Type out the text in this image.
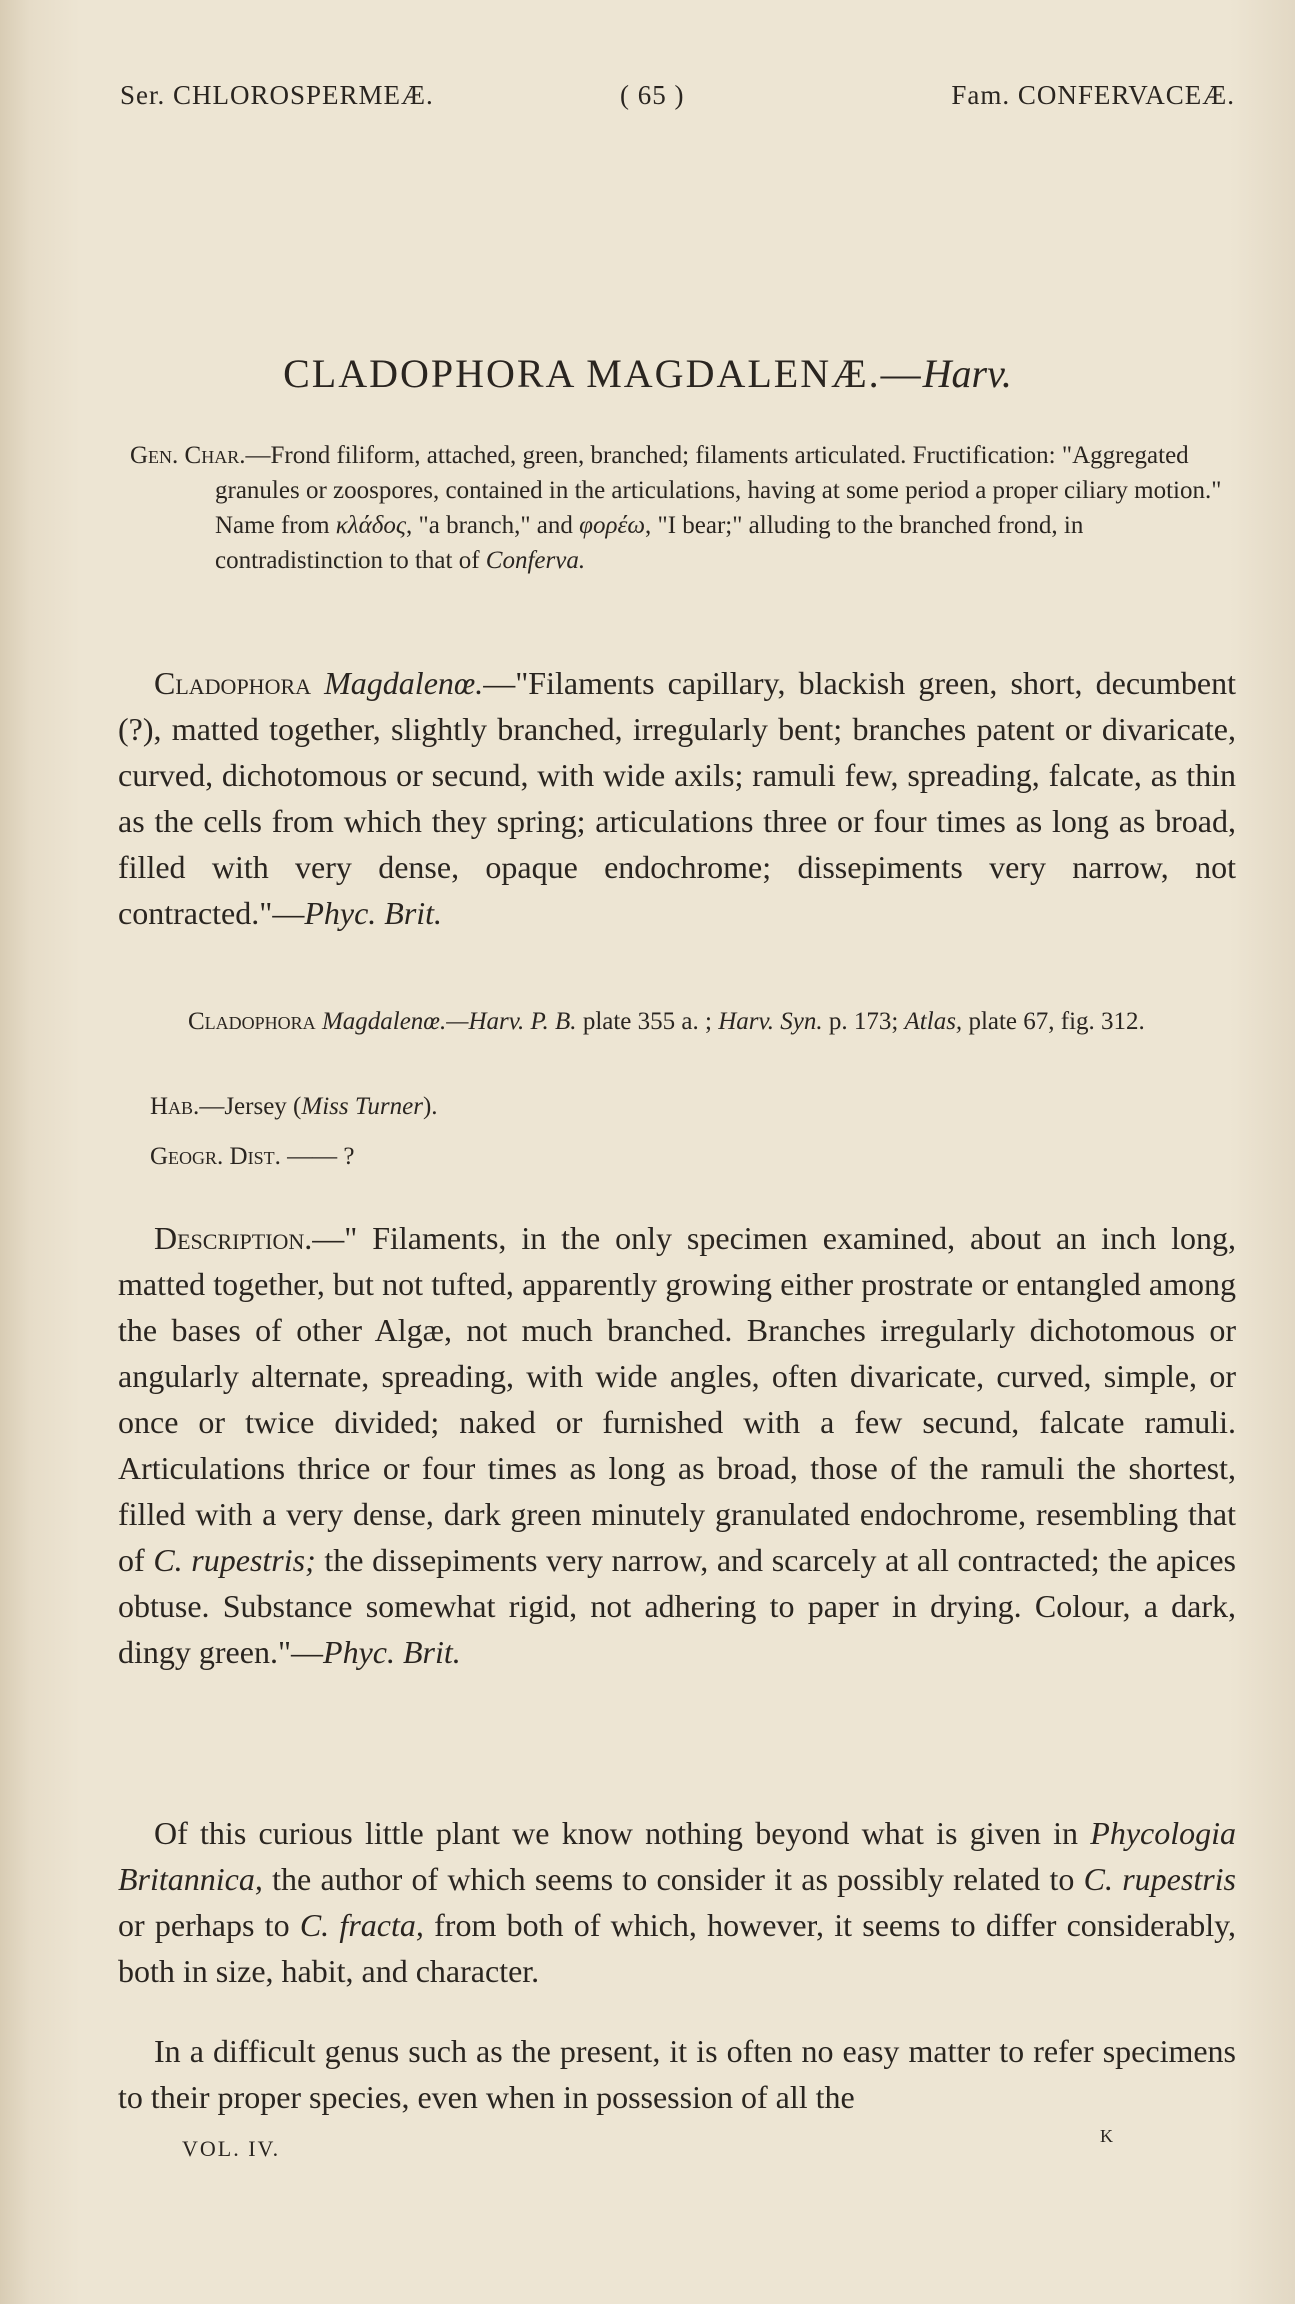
Ser. CHLOROSPERMEÆ.	( 65 )	Fam. CONFERVACEÆ.
CLADOPHORA MAGDALENÆ.—Harv.
Gen. Char.—Frond filiform, attached, green, branched; filaments articulated. Fructification: "Aggregated granules or zoospores, contained in the articulations, having at some period a proper ciliary motion." Name from κλάδος, "a branch," and φορέω, "I bear;" alluding to the branched frond, in contradistinction to that of Conferva.
Cladophora Magdalenœ.—"Filaments capillary, blackish green, short, decumbent (?), matted together, slightly branched, irregularly bent; branches patent or divaricate, curved, dichotomous or secund, with wide axils; ramuli few, spreading, falcate, as thin as the cells from which they spring; articulations three or four times as long as broad, filled with very dense, opaque endochrome; dissepiments very narrow, not contracted."—Phyc. Brit.
Cladophora Magdalenœ.—Harv. P. B. plate 355 a. ; Harv. Syn. p. 173; Atlas, plate 67, fig. 312.
Hab.—Jersey (Miss Turner).
Geogr. Dist. —— ?
Description.—" Filaments, in the only specimen examined, about an inch long, matted together, but not tufted, apparently growing either prostrate or entangled among the bases of other Algæ, not much branched. Branches irregularly dichotomous or angularly alternate, spreading, with wide angles, often divaricate, curved, simple, or once or twice divided; naked or furnished with a few secund, falcate ramuli. Articulations thrice or four times as long as broad, those of the ramuli the shortest, filled with a very dense, dark green minutely granulated endochrome, resembling that of C. rupestris; the dissepiments very narrow, and scarcely at all contracted; the apices obtuse. Substance somewhat rigid, not adhering to paper in drying. Colour, a dark, dingy green."—Phyc. Brit.
Of this curious little plant we know nothing beyond what is given in Phycologia Britannica, the author of which seems to consider it as possibly related to C. rupestris or perhaps to C. fracta, from both of which, however, it seems to differ considerably, both in size, habit, and character.
In a difficult genus such as the present, it is often no easy matter to refer specimens to their proper species, even when in possession of all the
VOL. IV.	K
